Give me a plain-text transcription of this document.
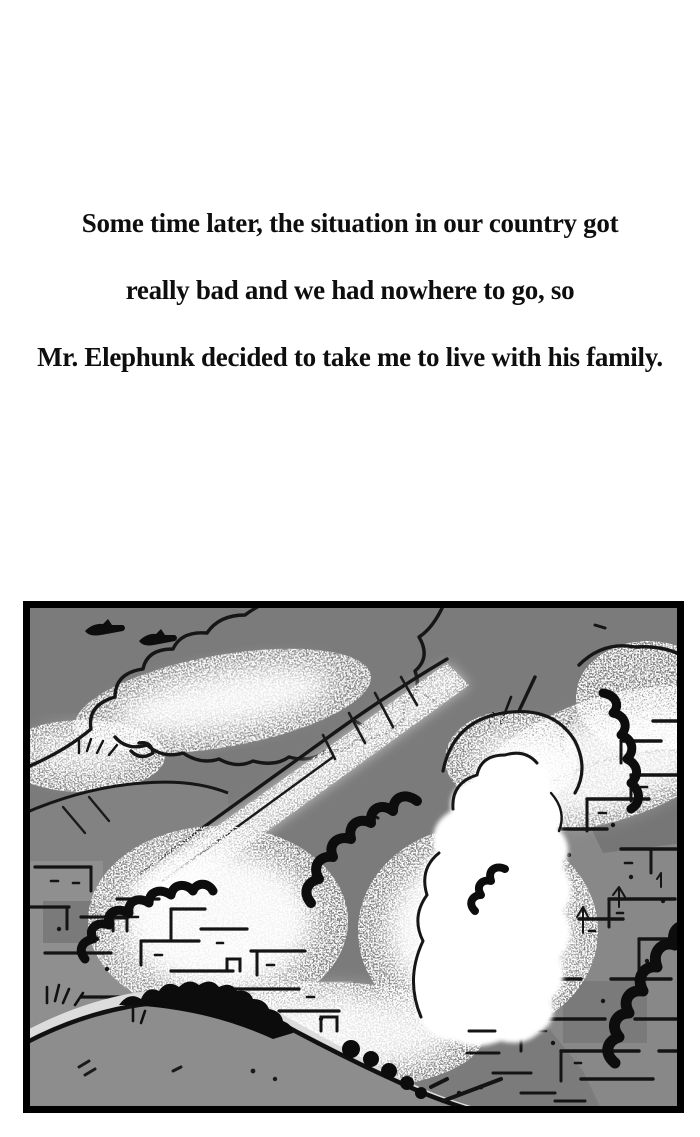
Some time later, the situation in our country got
really bad and we had nowhere to go, so
Mr. Elephunk decided to take me to live with his family.
